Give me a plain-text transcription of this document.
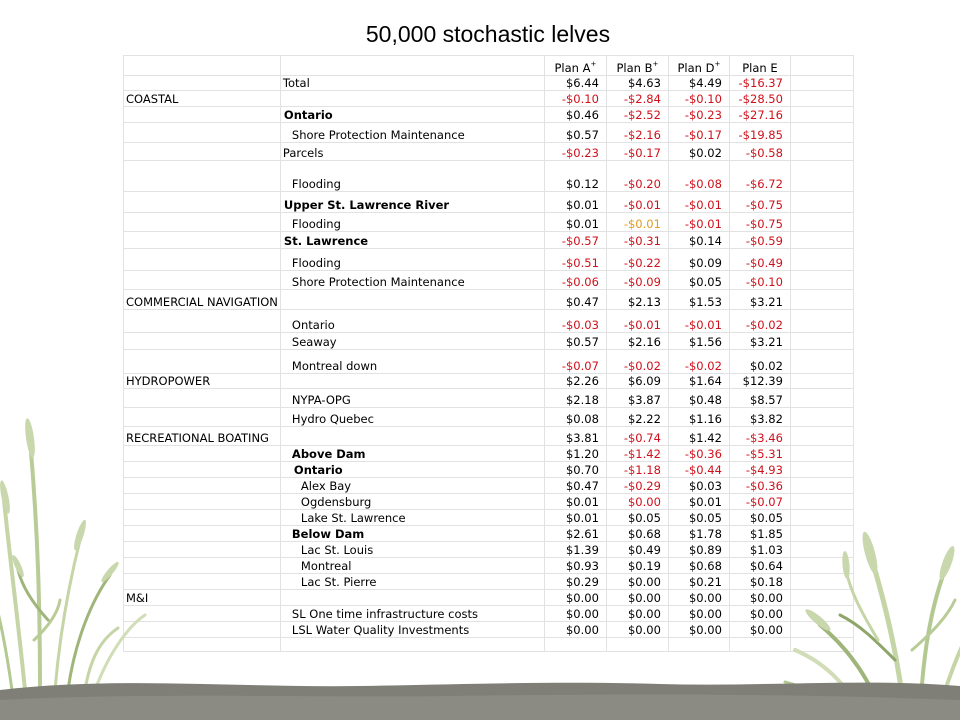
50,000 stochastic lelves
		Plan A+	Plan B+	Plan D+	Plan E	
	Total	$6.44	$4.63	$4.49	-$16.37	
COASTAL		-$0.10	-$2.84	-$0.10	-$28.50	
	Ontario	$0.46	-$2.52	-$0.23	-$27.16	
	Shore Protection Maintenance	$0.57	-$2.16	-$0.17	-$19.85	
	Parcels	-$0.23	-$0.17	$0.02	-$0.58	
	Flooding	$0.12	-$0.20	-$0.08	-$6.72	
	Upper St. Lawrence River	$0.01	-$0.01	-$0.01	-$0.75	
	Flooding	$0.01	-$0.01	-$0.01	-$0.75	
	St. Lawrence	-$0.57	-$0.31	$0.14	-$0.59	
	Flooding	-$0.51	-$0.22	$0.09	-$0.49	
	Shore Protection Maintenance	-$0.06	-$0.09	$0.05	-$0.10	
COMMERCIAL NAVIGATION		$0.47	$2.13	$1.53	$3.21	
	Ontario	-$0.03	-$0.01	-$0.01	-$0.02	
	Seaway	$0.57	$2.16	$1.56	$3.21	
	Montreal down	-$0.07	-$0.02	-$0.02	$0.02	
HYDROPOWER		$2.26	$6.09	$1.64	$12.39	
	NYPA-OPG	$2.18	$3.87	$0.48	$8.57	
	Hydro Quebec	$0.08	$2.22	$1.16	$3.82	
RECREATIONAL BOATING		$3.81	-$0.74	$1.42	-$3.46	
	Above Dam	$1.20	-$1.42	-$0.36	-$5.31	
	Ontario	$0.70	-$1.18	-$0.44	-$4.93	
	Alex Bay	$0.47	-$0.29	$0.03	-$0.36	
	Ogdensburg	$0.01	$0.00	$0.01	-$0.07	
	Lake St. Lawrence	$0.01	$0.05	$0.05	$0.05	
	Below Dam	$2.61	$0.68	$1.78	$1.85	
	Lac St. Louis	$1.39	$0.49	$0.89	$1.03	
	Montreal	$0.93	$0.19	$0.68	$0.64	
	Lac St. Pierre	$0.29	$0.00	$0.21	$0.18	
M&I		$0.00	$0.00	$0.00	$0.00	
	SL One time infrastructure costs	$0.00	$0.00	$0.00	$0.00	
	LSL Water Quality Investments	$0.00	$0.00	$0.00	$0.00	
